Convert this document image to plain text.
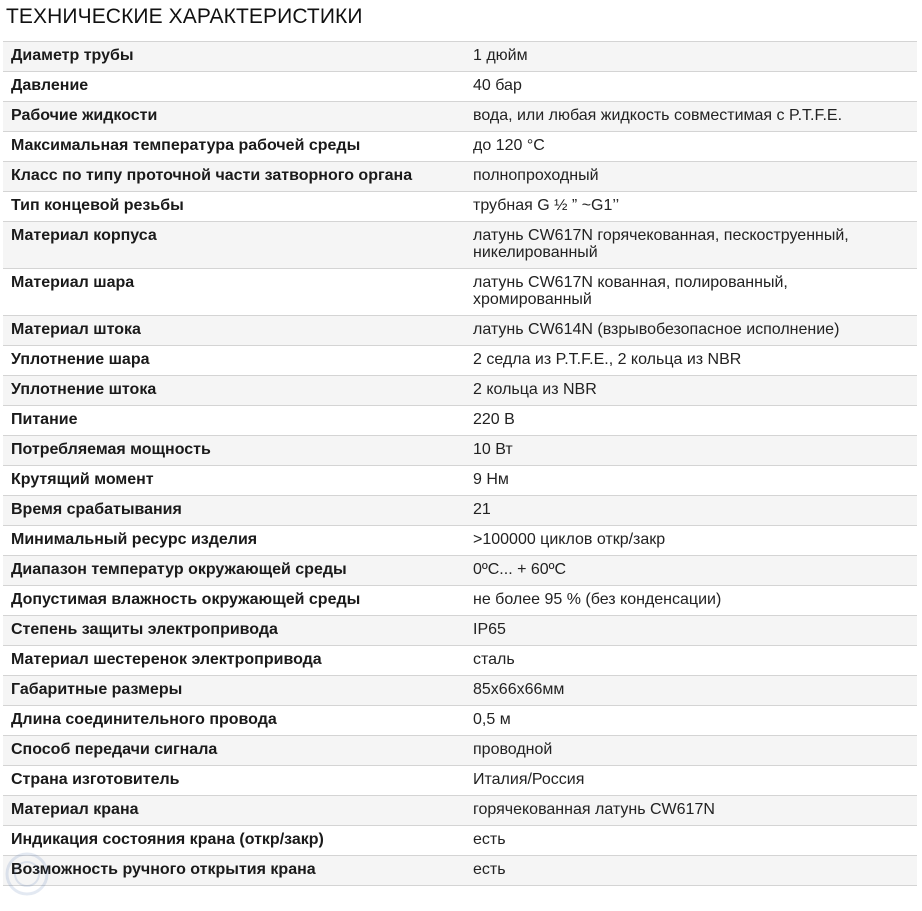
ТЕХНИЧЕСКИЕ ХАРАКТЕРИСТИКИ
Диаметр трубы	1 дюйм
Давление	40 бар
Рабочие жидкости	вода, или любая жидкость совместимая с P.T.F.E.
Максимальная температура рабочей среды	до 120 °С
Класс по типу проточной части затворного органа	полнопроходный
Тип концевой резьбы	трубная G ½ ” ~G1’’
Материал корпуса	латунь CW617N горячекованная, пескоструенный, никелированный
Материал шара	латунь CW617N кованная, полированный, хромированный
Материал штока	латунь CW614N (взрывобезопасное исполнение)
Уплотнение шара	2 седла из P.T.F.E., 2 кольца из NBR
Уплотнение штока	2 кольца из NBR
Питание	220 В
Потребляемая мощность	10 Вт
Крутящий момент	9 Нм
Время срабатывания	21
Минимальный ресурс изделия	>100000 циклов откр/закр
Диапазон температур окружающей среды	0ºС... + 60ºС
Допустимая влажность окружающей среды	не более 95 % (без конденсации)
Степень защиты электропривода	IP65
Материал шестеренок электропривода	сталь
Габаритные размеры	85х66х66мм
Длина соединительного провода	0,5 м
Способ передачи сигнала	проводной
Страна изготовитель	Италия/Россия
Материал крана	горячекованная латунь CW617N
Индикация состояния крана (откр/закр)	есть
Возможность ручного открытия крана	есть
